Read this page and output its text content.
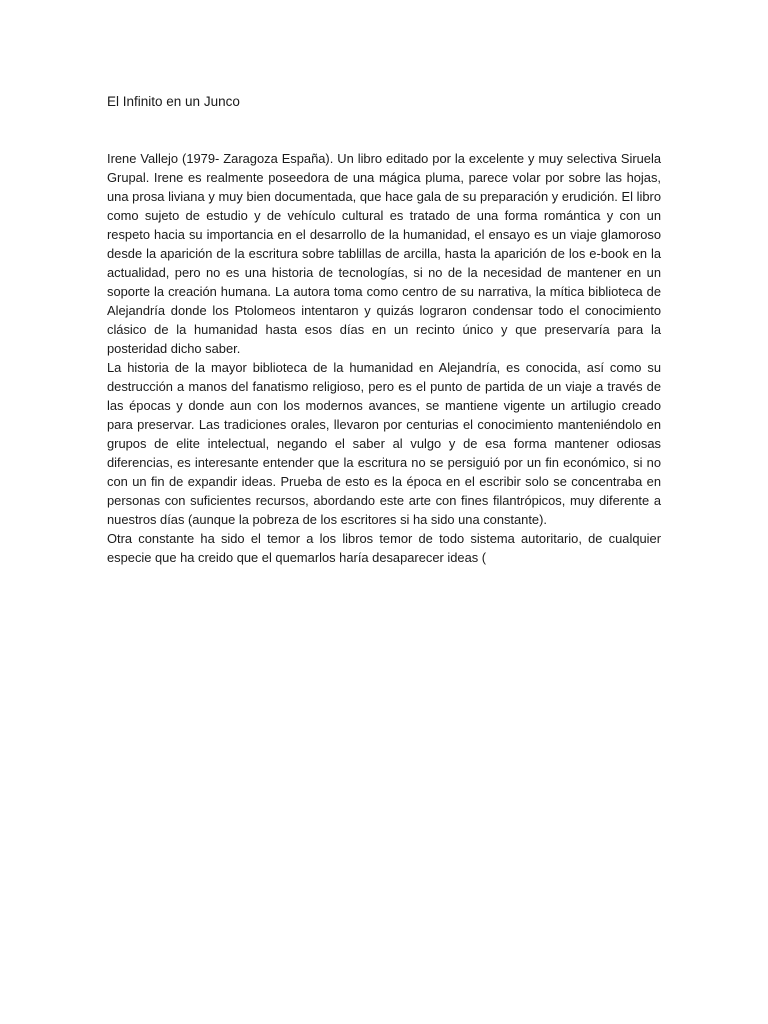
El Infinito en un Junco

Irene Vallejo (1979- Zaragoza España). Un libro editado por la excelente y muy selectiva Siruela Grupal. Irene es realmente poseedora de una mágica pluma, parece volar por sobre las hojas, una prosa liviana y muy bien documentada, que hace gala de su preparación y erudición. El libro como sujeto de estudio y de vehículo cultural es tratado de una forma romántica y con un respeto hacia su importancia en el desarrollo de la humanidad, el ensayo es un viaje glamoroso desde la aparición de la escritura sobre tablillas de arcilla, hasta la aparición de los e-book en la actualidad, pero no es una historia de tecnologías, si no de la necesidad de mantener en un soporte la creación humana. La autora toma como centro de su narrativa, la mítica biblioteca de Alejandría donde los Ptolomeos intentaron y quizás lograron condensar todo el conocimiento clásico de la humanidad hasta esos días en un recinto único y que preservaría para la posteridad dicho saber.

La historia de la mayor biblioteca de la humanidad en Alejandría, es conocida, así como su destrucción a manos del fanatismo religioso, pero es el punto de partida de un viaje a través de las épocas y donde aun con los modernos avances, se mantiene vigente un artilugio creado para preservar. Las tradiciones orales, llevaron por centurias el conocimiento manteniéndolo en grupos de elite intelectual, negando el saber al vulgo y de esa forma mantener odiosas diferencias, es interesante entender que la escritura no se persiguió por un fin económico, si no con un fin de expandir ideas. Prueba de esto es la época en el escribir solo se concentraba en personas con suficientes recursos, abordando este arte con fines filantrópicos, muy diferente a nuestros días (aunque la pobreza de los escritores si ha sido una constante).

Otra constante ha sido el temor a los libros temor de todo sistema autoritario, de cualquier especie que ha creido que el quemarlos haría desaparecer ideas (
